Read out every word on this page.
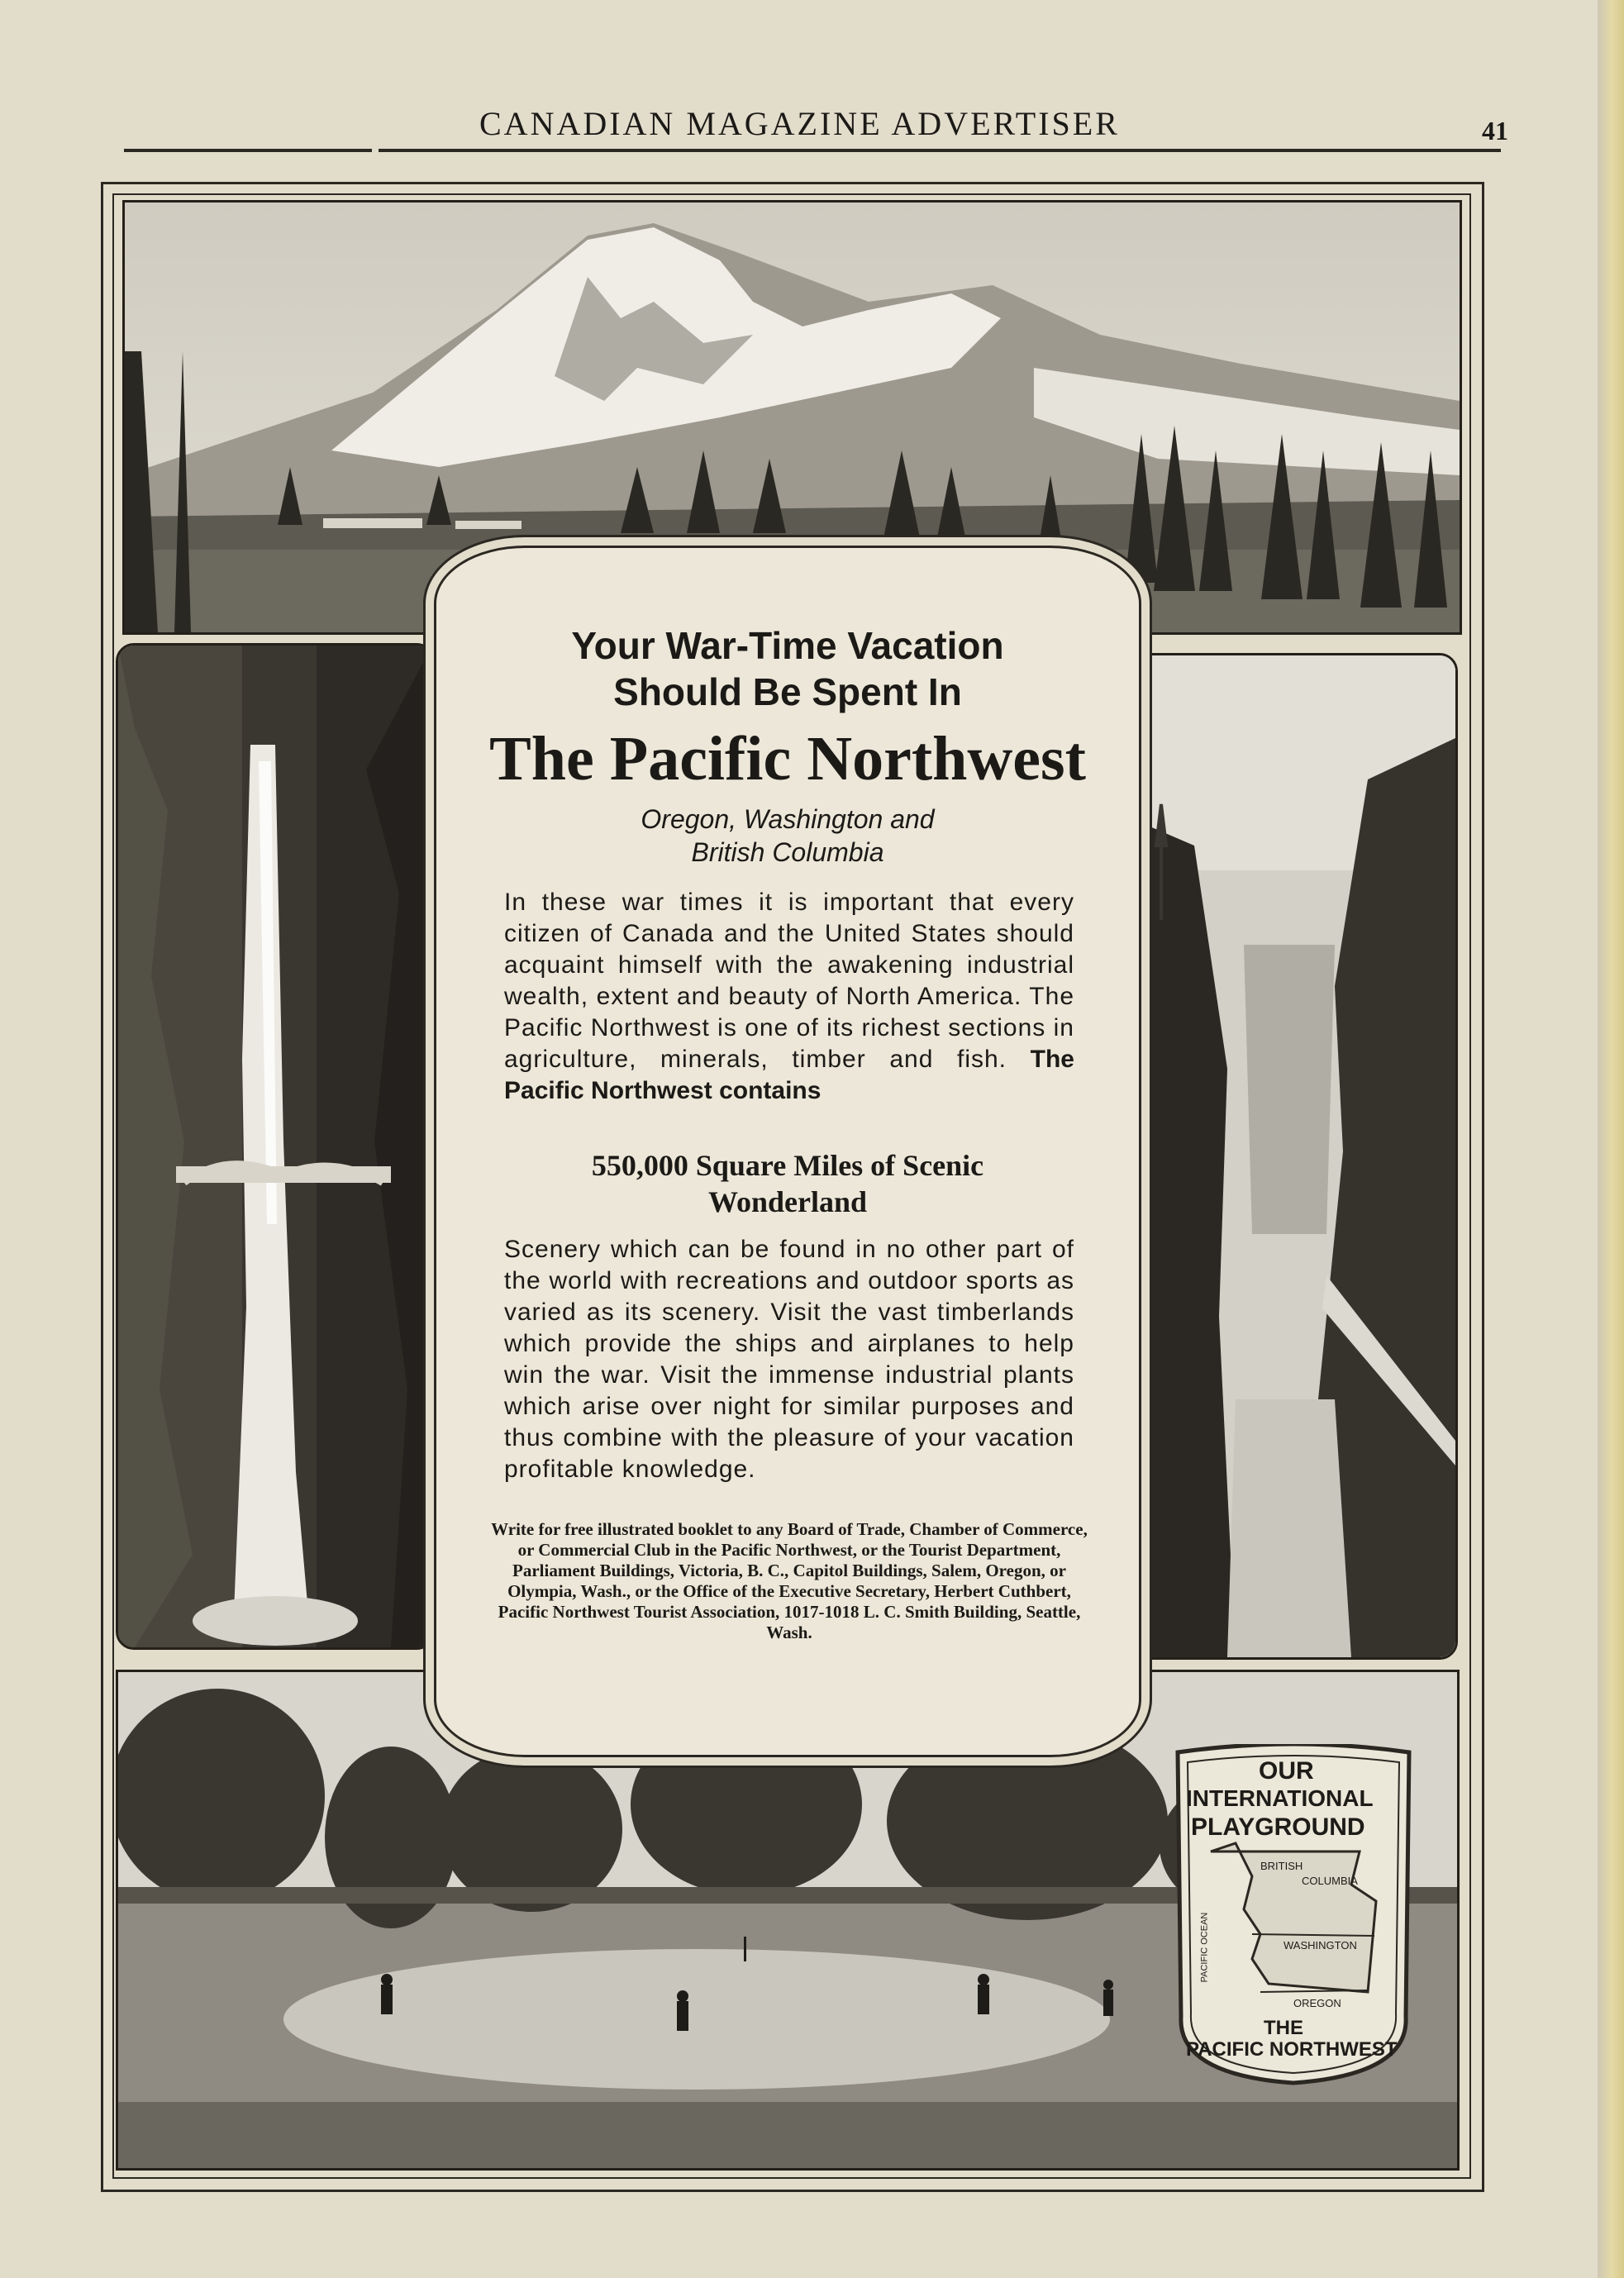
CANADIAN MAGAZINE ADVERTISER	41
Your War-Time Vacation
Should Be Spent In
The Pacific Northwest
Oregon, Washington and
British Columbia
In these war times it is important that every citizen of Canada and the United States should acquaint himself with the awakening industrial wealth, extent and beauty of North America. The Pacific Northwest is one of its richest sections in agriculture, minerals, timber and fish. The Pacific Northwest contains
550,000 Square Miles of Scenic
Wonderland
Scenery which can be found in no other part of the world with recreations and outdoor sports as varied as its scenery. Visit the vast timberlands which provide the ships and airplanes to help win the war. Visit the immense industrial plants which arise over night for similar purposes and thus combine with the pleasure of your vacation profitable knowledge.
Write for free illustrated booklet to any Board of Trade, Chamber of Commerce, or Commercial Club in the Pacific Northwest, or the Tourist Department, Parliament Buildings, Victoria, B. C., Capitol Buildings, Salem, Oregon, or Olympia, Wash., or the Office of the Executive Secretary, Herbert Cuthbert, Pacific Northwest Tourist Association, 1017-1018 L. C. Smith Building, Seattle, Wash.
OUR
INTERNATIONAL
PLAYGROUND
BRITISH
COLUMBIA
PACIFIC OCEAN	WASHINGTON
OREGON
THE
PACIFIC NORTHWEST
